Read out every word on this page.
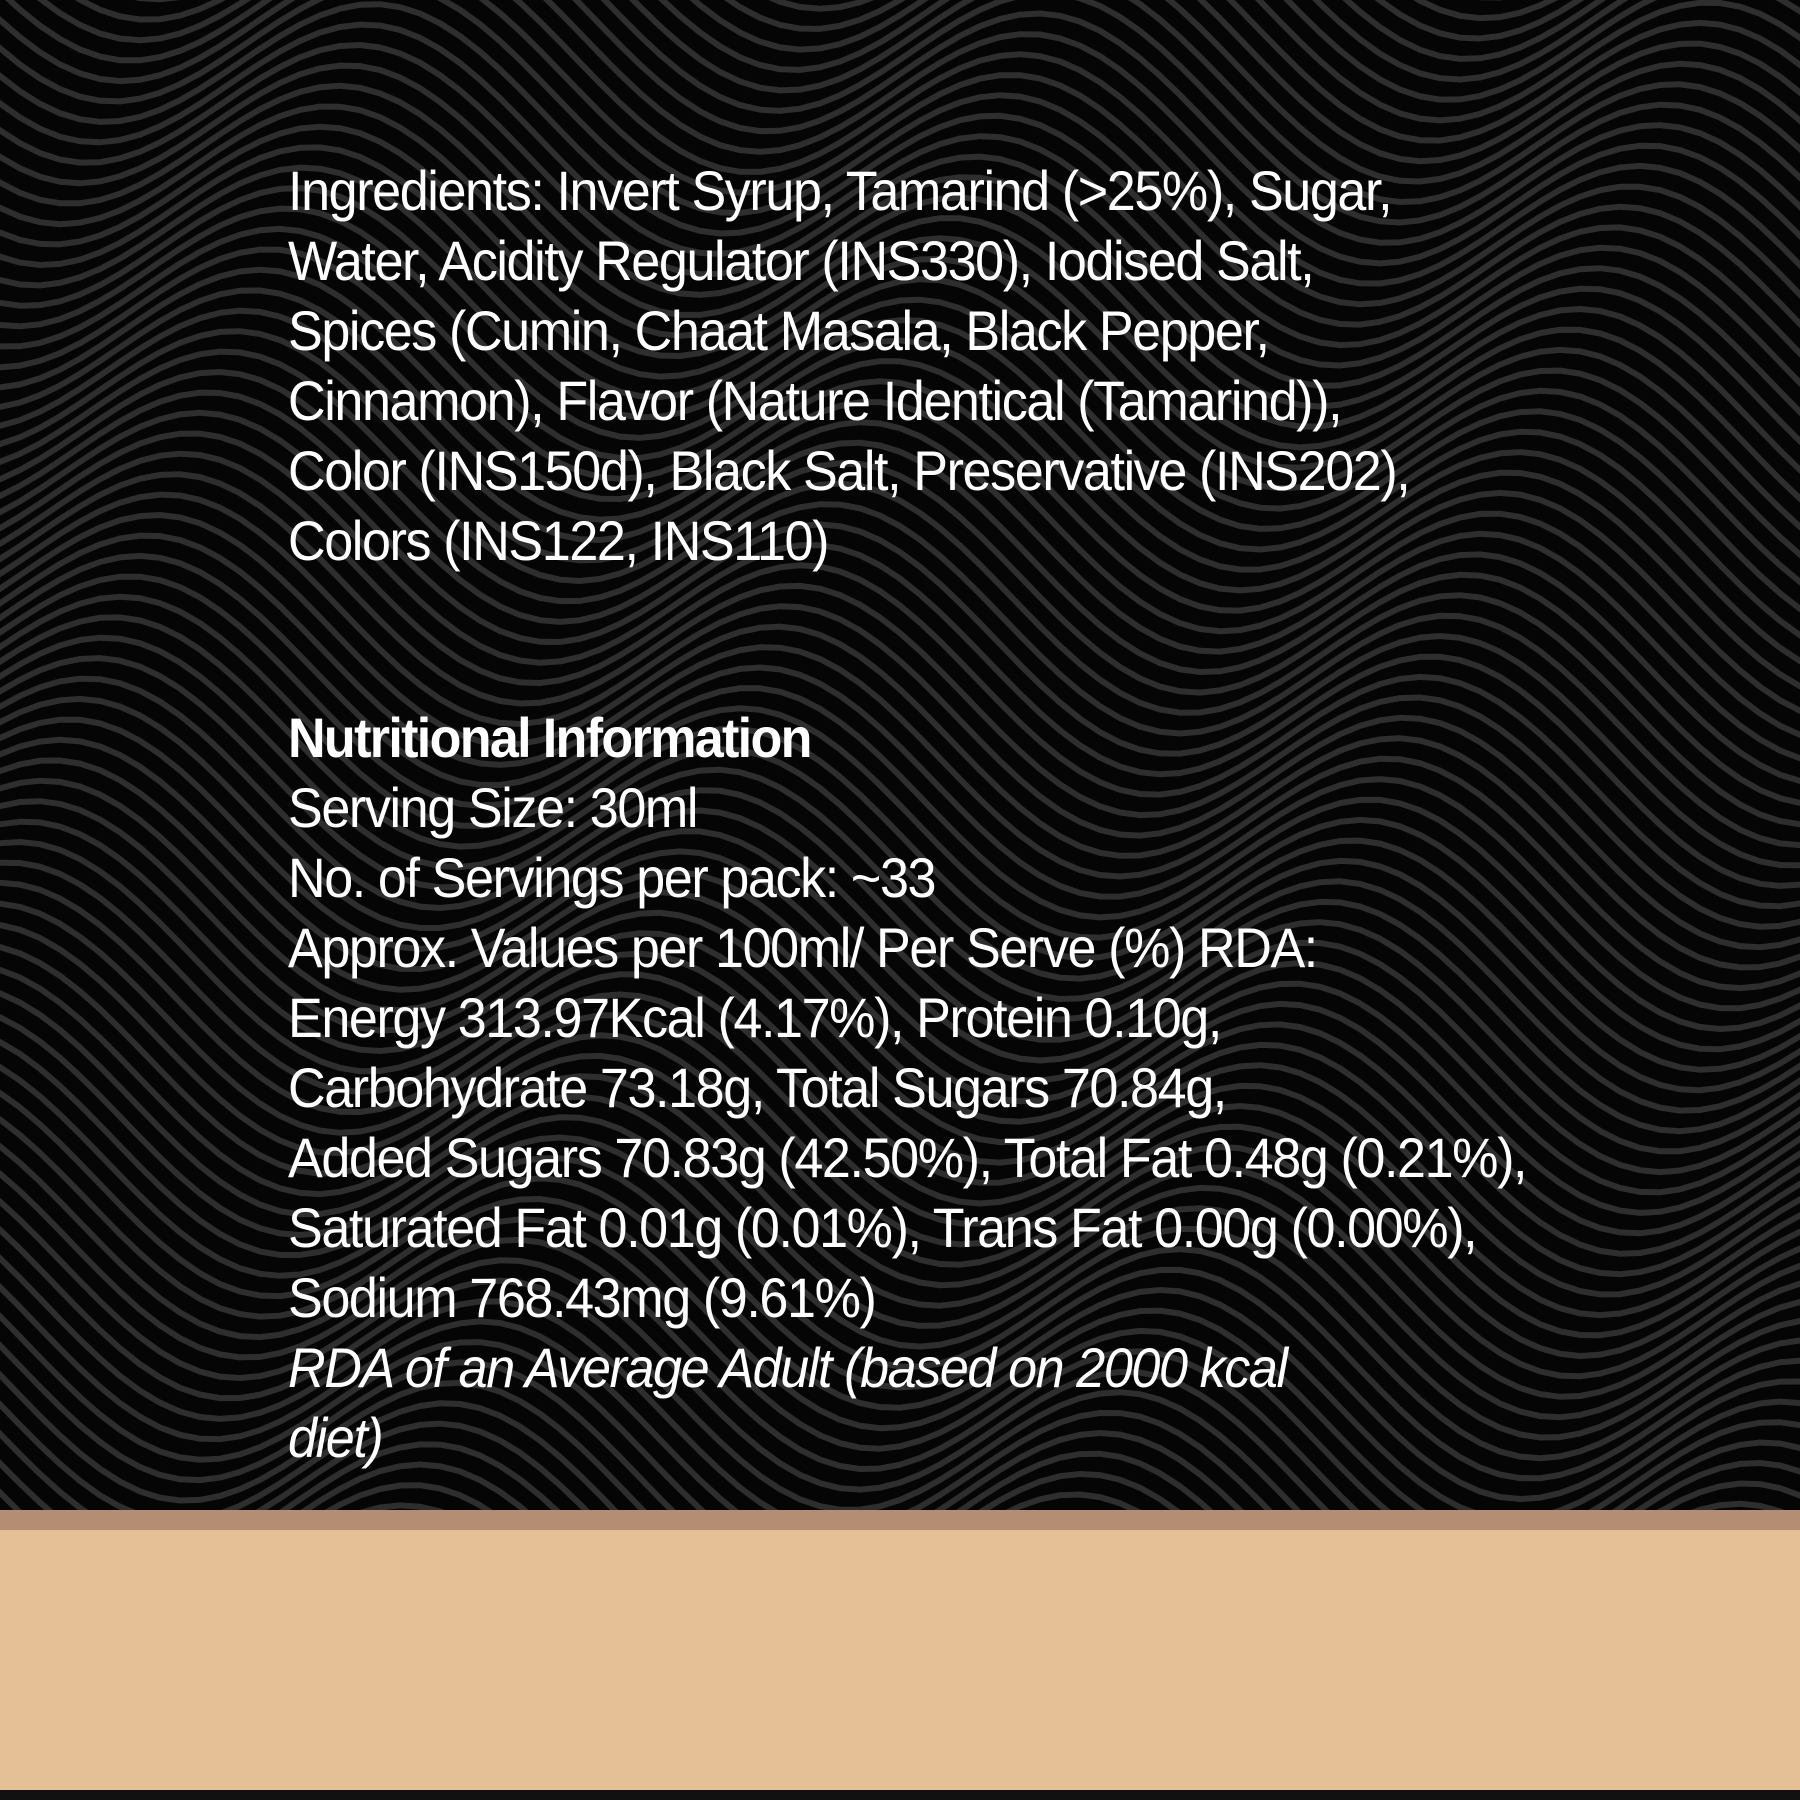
Ingredients: Invert Syrup, Tamarind (>25%), Sugar,
Water, Acidity Regulator (INS330), Iodised Salt,
Spices (Cumin, Chaat Masala, Black Pepper,
Cinnamon), Flavor (Nature Identical (Tamarind)),
Color (INS150d), Black Salt, Preservative (INS202),
Colors (INS122, INS110)
Nutritional Information
Serving Size: 30ml
No. of Servings per pack: ~33
Approx. Values per 100ml/ Per Serve (%) RDA:
Energy 313.97Kcal (4.17%), Protein 0.10g,
Carbohydrate 73.18g, Total Sugars 70.84g,
Added Sugars 70.83g (42.50%), Total Fat 0.48g (0.21%),
Saturated Fat 0.01g (0.01%), Trans Fat 0.00g (0.00%),
Sodium 768.43mg (9.61%)
RDA of an Average Adult (based on 2000 kcal
diet)
